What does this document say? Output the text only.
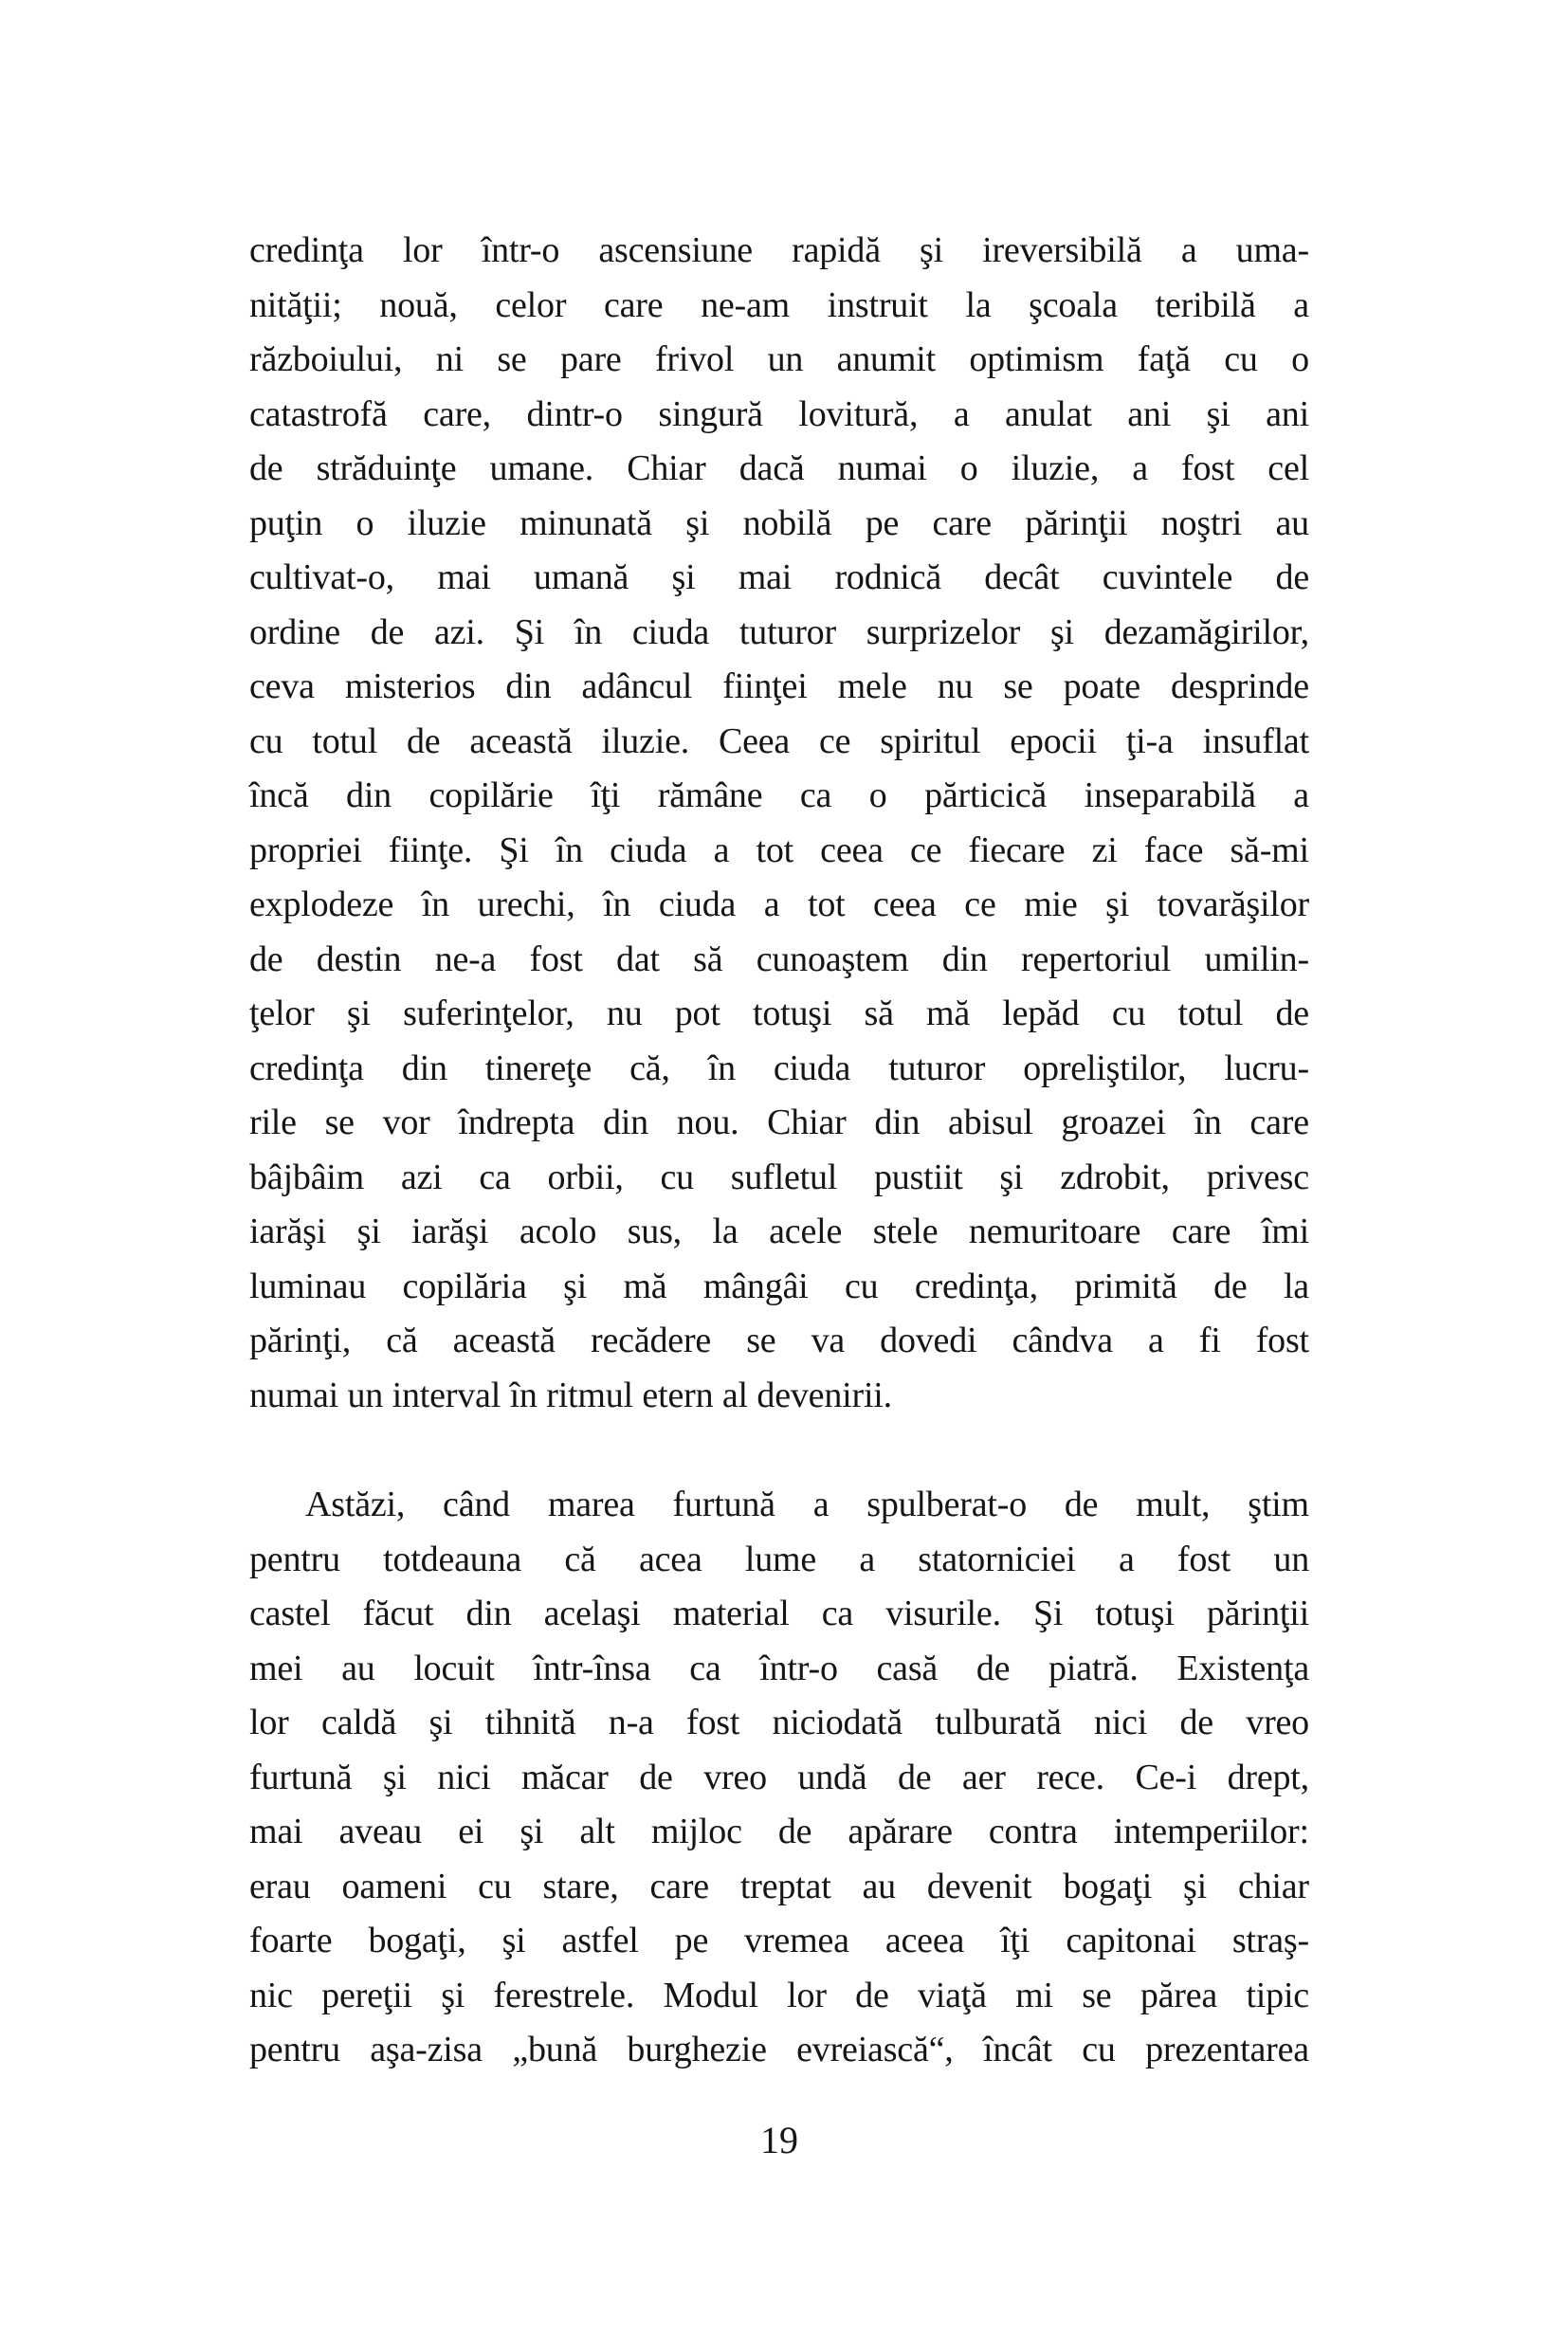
credinţa lor într-o ascensiune rapidă şi ireversibilă a uma-
nităţii; nouă, celor care ne-am instruit la şcoala teribilă a
războiului, ni se pare frivol un anumit optimism faţă cu o
catastrofă care, dintr-o singură lovitură, a anulat ani şi ani
de străduinţe umane. Chiar dacă numai o iluzie, a fost cel
puţin o iluzie minunată şi nobilă pe care părinţii noştri au
cultivat-o, mai umană şi mai rodnică decât cuvintele de
ordine de azi. Şi în ciuda tuturor surprizelor şi dezamăgirilor,
ceva misterios din adâncul fiinţei mele nu se poate desprinde
cu totul de această iluzie. Ceea ce spiritul epocii ţi-a insuflat
încă din copilărie îţi rămâne ca o părticică inseparabilă a
propriei fiinţe. Şi în ciuda a tot ceea ce fiecare zi face să-mi
explodeze în urechi, în ciuda a tot ceea ce mie şi tovarăşilor
de destin ne-a fost dat să cunoaştem din repertoriul umilin-
ţelor şi suferinţelor, nu pot totuşi să mă lepăd cu totul de
credinţa din tinereţe că, în ciuda tuturor opreliştilor, lucru-
rile se vor îndrepta din nou. Chiar din abisul groazei în care
bâjbâim azi ca orbii, cu sufletul pustiit şi zdrobit, privesc
iarăşi şi iarăşi acolo sus, la acele stele nemuritoare care îmi
luminau copilăria şi mă mângâi cu credinţa, primită de la
părinţi, că această recădere se va dovedi cândva a fi fost
numai un interval în ritmul etern al devenirii.

Astăzi, când marea furtună a spulberat-o de mult, ştim
pentru totdeauna că acea lume a statorniciei a fost un
castel făcut din acelaşi material ca visurile. Şi totuşi părinţii
mei au locuit într-însa ca într-o casă de piatră. Existenţa
lor caldă şi tihnită n-a fost niciodată tulburată nici de vreo
furtună şi nici măcar de vreo undă de aer rece. Ce-i drept,
mai aveau ei şi alt mijloc de apărare contra intemperiilor:
erau oameni cu stare, care treptat au devenit bogaţi şi chiar
foarte bogaţi, şi astfel pe vremea aceea îţi capitonai straş-
nic pereţii şi ferestrele. Modul lor de viaţă mi se părea tipic
pentru aşa-zisa „bună burghezie evreiască“, încât cu prezentarea

19
